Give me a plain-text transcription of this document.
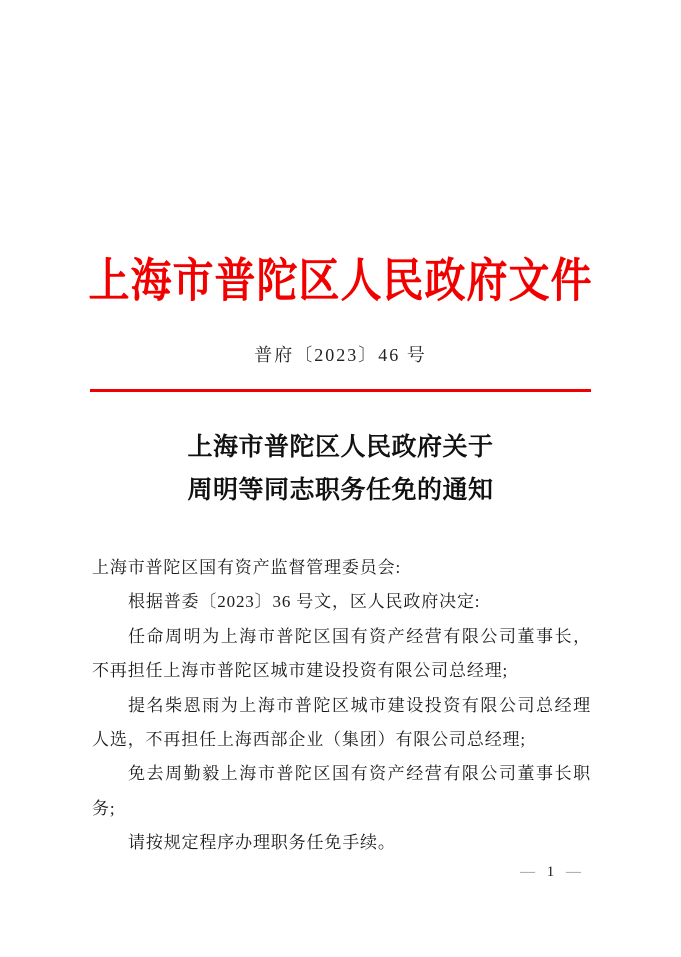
上海市普陀区人民政府文件
普府〔2023〕46 号
上海市普陀区人民政府关于
周明等同志职务任免的通知

上海市普陀区国有资产监督管理委员会:

根据普委〔2023〕36 号文，区人民政府决定:

任命周明为上海市普陀区国有资产经营有限公司董事长，不再担任上海市普陀区城市建设投资有限公司总经理;

提名柴恩雨为上海市普陀区城市建设投资有限公司总经理人选，不再担任上海西部企业（集团）有限公司总经理;

免去周勤毅上海市普陀区国有资产经营有限公司董事长职务;

请按规定程序办理职务任免手续。

— 1 —
